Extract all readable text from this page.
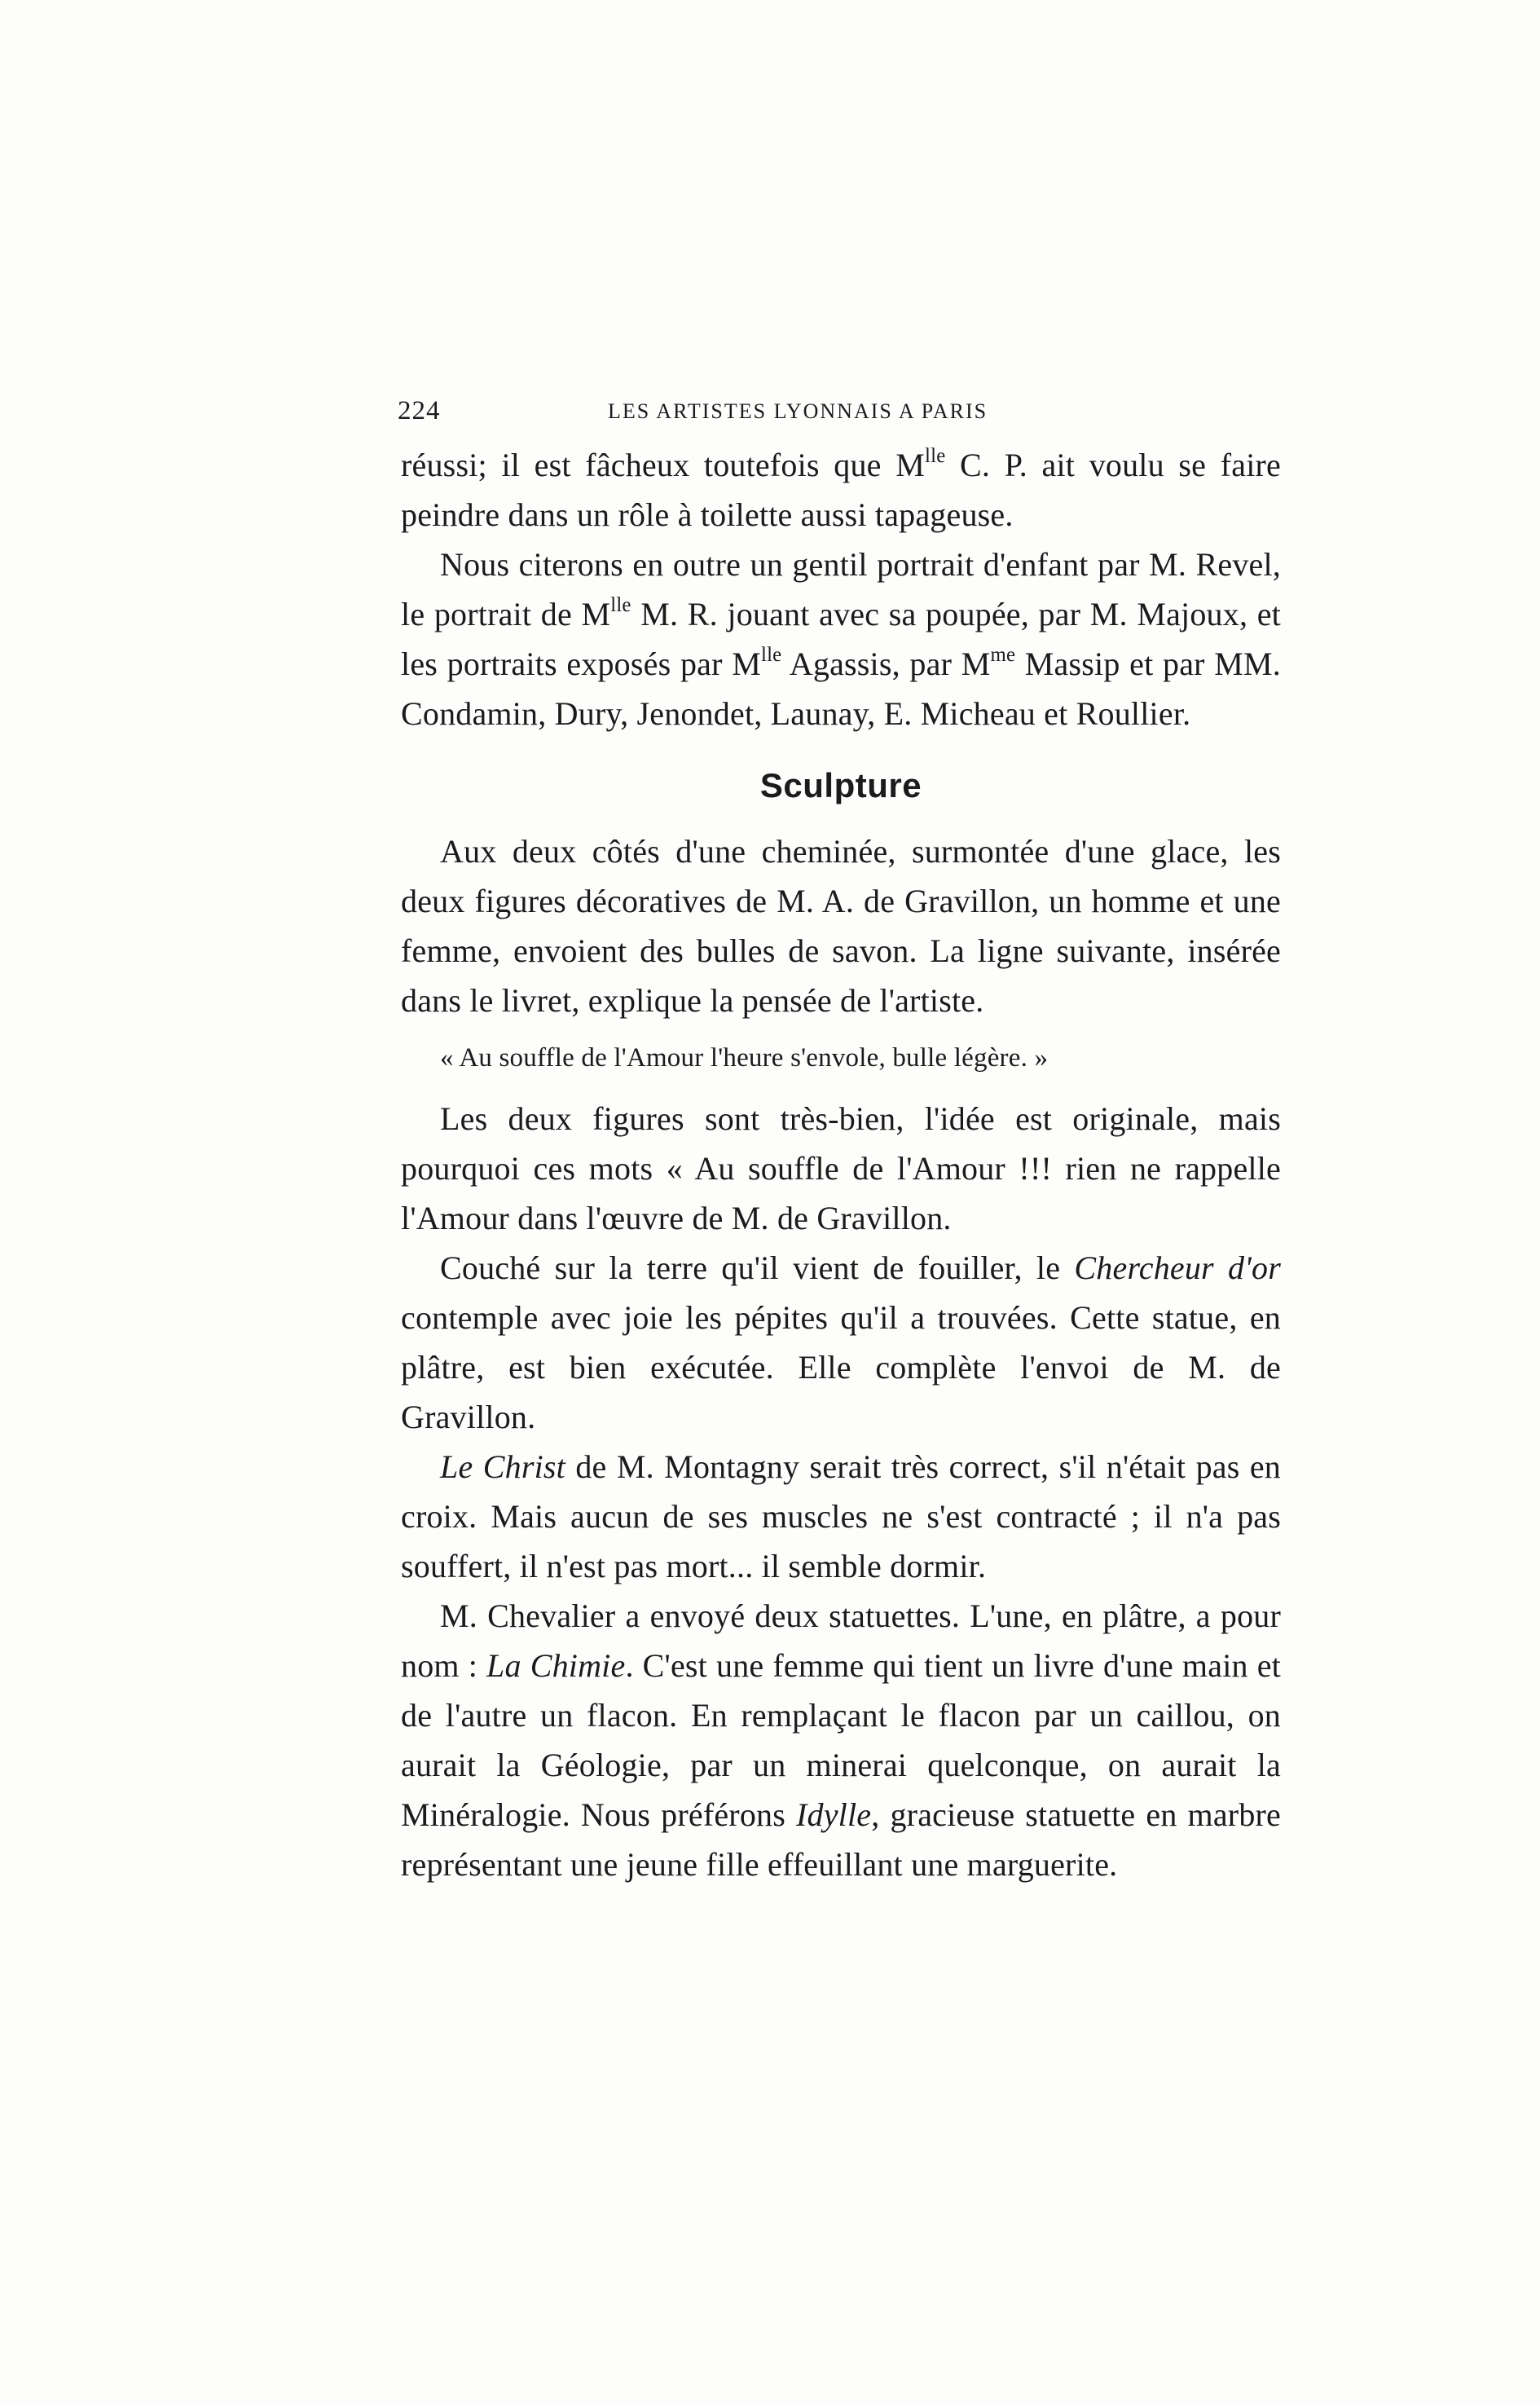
224	LES ARTISTES LYONNAIS A PARIS

réussi; il est fâcheux toutefois que $M^{lle}$ C. P. ait voulu se faire peindre dans un rôle à toilette aussi tapageuse.

Nous citerons en outre un gentil portrait d'enfant par M. Revel, le portrait de $M^{lle}$ M. R. jouant avec sa poupée, par M. Majoux, et les portraits exposés par $M^{lle}$ Agassis, par $M^{me}$ Massip et par MM. Condamin, Dury, Jenondet, Launay, E. Micheau et Roullier.

Sculpture

Aux deux côtés d'une cheminée, surmontée d'une glace, les deux figures décoratives de M. A. de Gravillon, un homme et une femme, envoient des bulles de savon. La ligne suivante, insérée dans le livret, explique la pensée de l'artiste.

« Au souffle de l'Amour l'heure s'envole, bulle légère. »

Les deux figures sont très-bien, l'idée est originale, mais pourquoi ces mots « Au souffle de l'Amour !!! rien ne rappelle l'Amour dans l'œuvre de M. de Gravillon.

Couché sur la terre qu'il vient de fouiller, le Chercheur d'or contemple avec joie les pépites qu'il a trouvées. Cette statue, en plâtre, est bien exécutée. Elle complète l'envoi de M. de Gravillon.

Le Christ de M. Montagny serait très correct, s'il n'était pas en croix. Mais aucun de ses muscles ne s'est contracté ; il n'a pas souffert, il n'est pas mort... il semble dormir.

M. Chevalier a envoyé deux statuettes. L'une, en plâtre, a pour nom : La Chimie. C'est une femme qui tient un livre d'une main et de l'autre un flacon. En remplaçant le flacon par un caillou, on aurait la Géologie, par un minerai quelconque, on aurait la Minéralogie. Nous préférons Idylle, gracieuse statuette en marbre représentant une jeune fille effeuillant une marguerite.
